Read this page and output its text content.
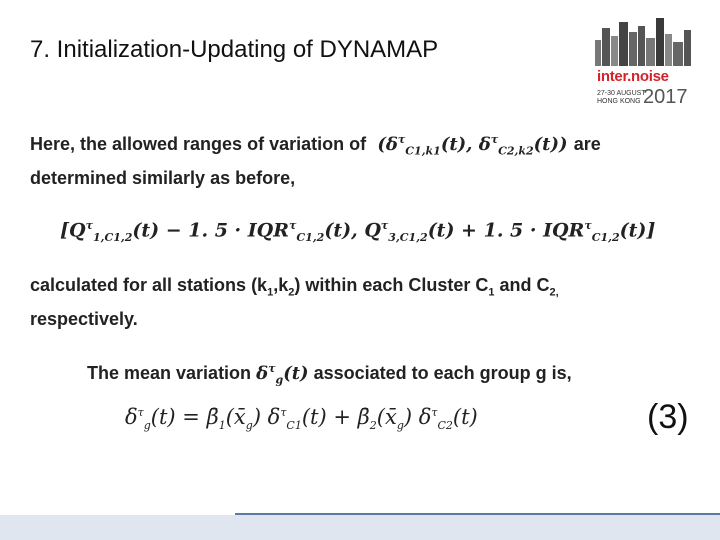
7. Initialization-Updating of DYNAMAP
inter.noise
27-30 AUGUST
HONG KONG 2017
Here, the allowed ranges of variation of  ($\delta^\tau_{C1,k1}(t)$, $\delta^\tau_{C2,k2}(t)$) are
determined similarly as before,
[$Q^\tau_{1,C1,2}(t) - 1$. $5 \cdot IQR^\tau_{C1,2}(t)$, $Q^\tau_{3,C1,2}(t) + 1$. $5 \cdot IQR^\tau_{C1,2}(t)$]
calculated for all stations $(k_1,k_2)$ within each Cluster $C_1$ and $C_{2,}$
respectively.
The mean variation $\delta^\tau_g(t)$ associated to each group g is,
$\delta^\tau_g(t)$ = $\betā_1(x̄_g) \delta^\tau_{C1}(t)$ + $\betā_2(x̄_g)$ $\delta^\tau_{C2}(t)$	(3)
